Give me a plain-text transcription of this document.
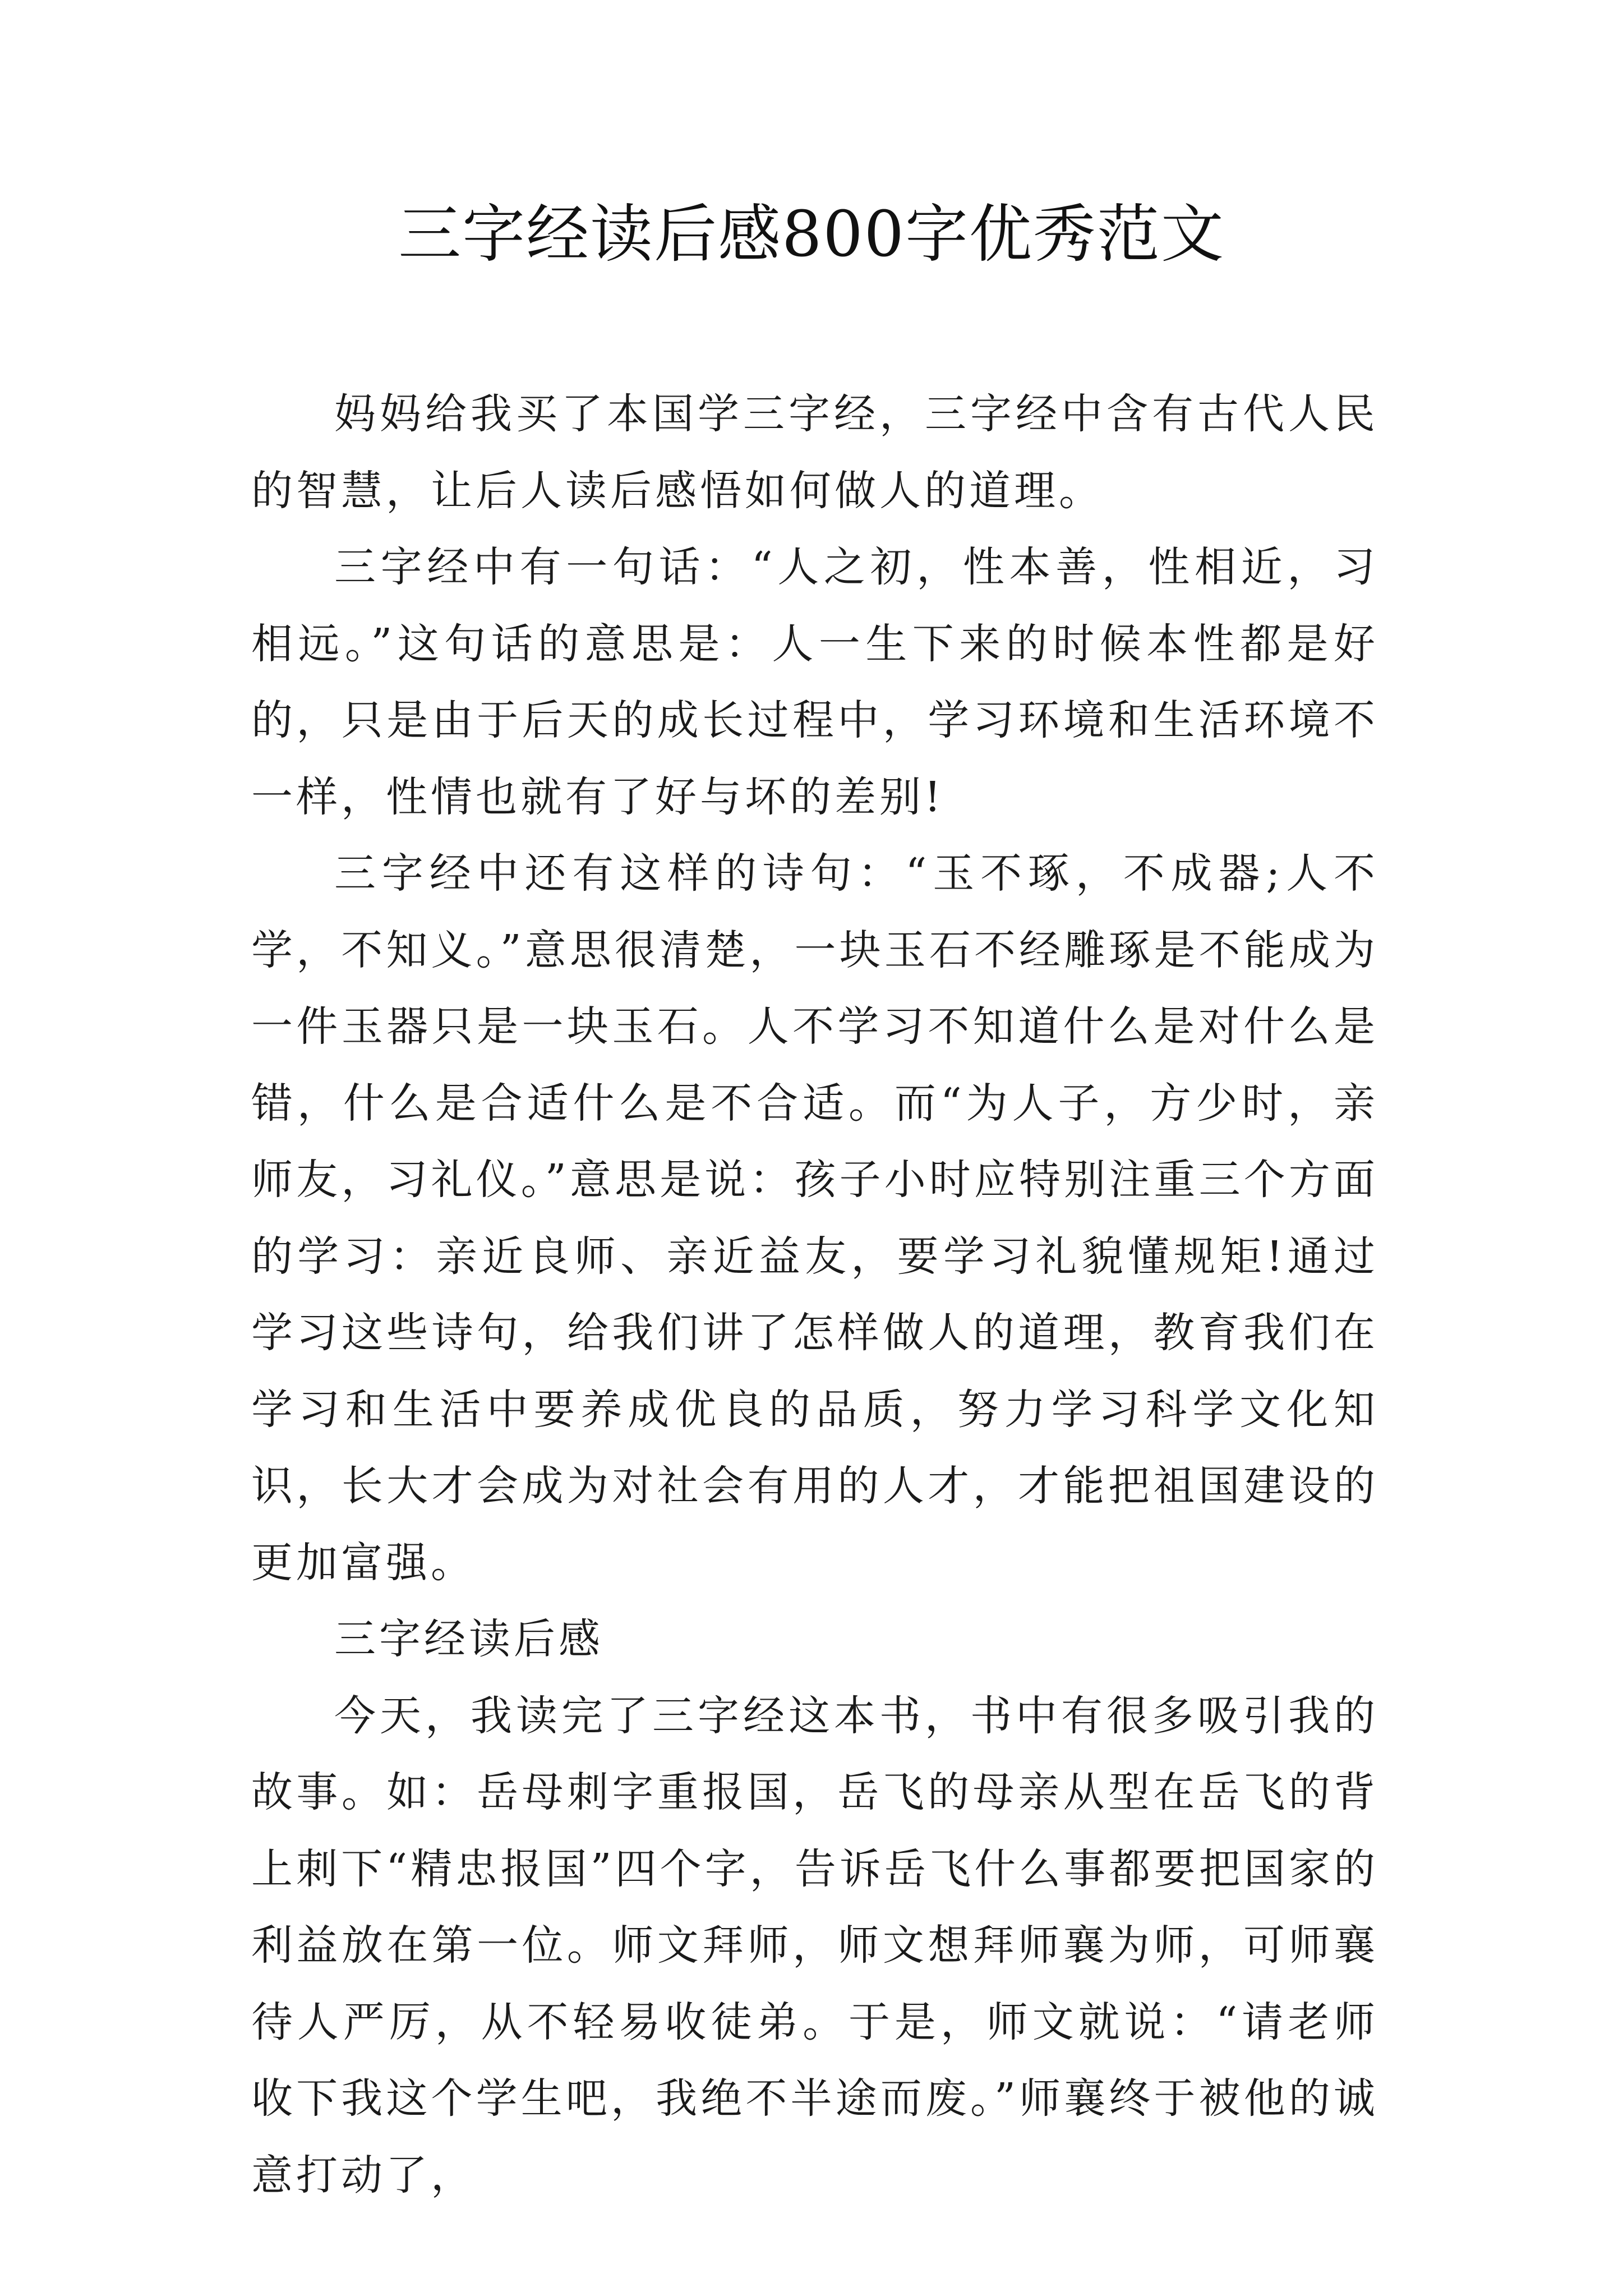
三字经读后感800字优秀范文

妈妈给我买了本国学三字经，三字经中含有古代人民的智慧，让后人读后感悟如何做人的道理。

三字经中有一句话：“人之初，性本善，性相近，习相远。”这句话的意思是：人一生下来的时候本性都是好的，只是由于后天的成长过程中，学习环境和生活环境不一样，性情也就有了好与坏的差别!

三字经中还有这样的诗句：“玉不琢，不成器;人不学，不知义。”意思很清楚，一块玉石不经雕琢是不能成为一件玉器只是一块玉石。人不学习不知道什么是对什么是错，什么是合适什么是不合适。而“为人子，方少时，亲师友，习礼仪。”意思是说：孩子小时应特别注重三个方面的学习：亲近良师、亲近益友，要学习礼貌懂规矩!通过学习这些诗句，给我们讲了怎样做人的道理，教育我们在学习和生活中要养成优良的品质，努力学习科学文化知识，长大才会成为对社会有用的人才，才能把祖国建设的更加富强。

三字经读后感

今天，我读完了三字经这本书，书中有很多吸引我的故事。如：岳母刺字重报国，岳飞的母亲从型在岳飞的背上刺下“精忠报国”四个字，告诉岳飞什么事都要把国家的利益放在第一位。师文拜师，师文想拜师襄为师，可师襄待人严厉，从不轻易收徒弟。于是，师文就说：“请老师收下我这个学生吧，我绝不半途而废。”师襄终于被他的诚意打动了，
